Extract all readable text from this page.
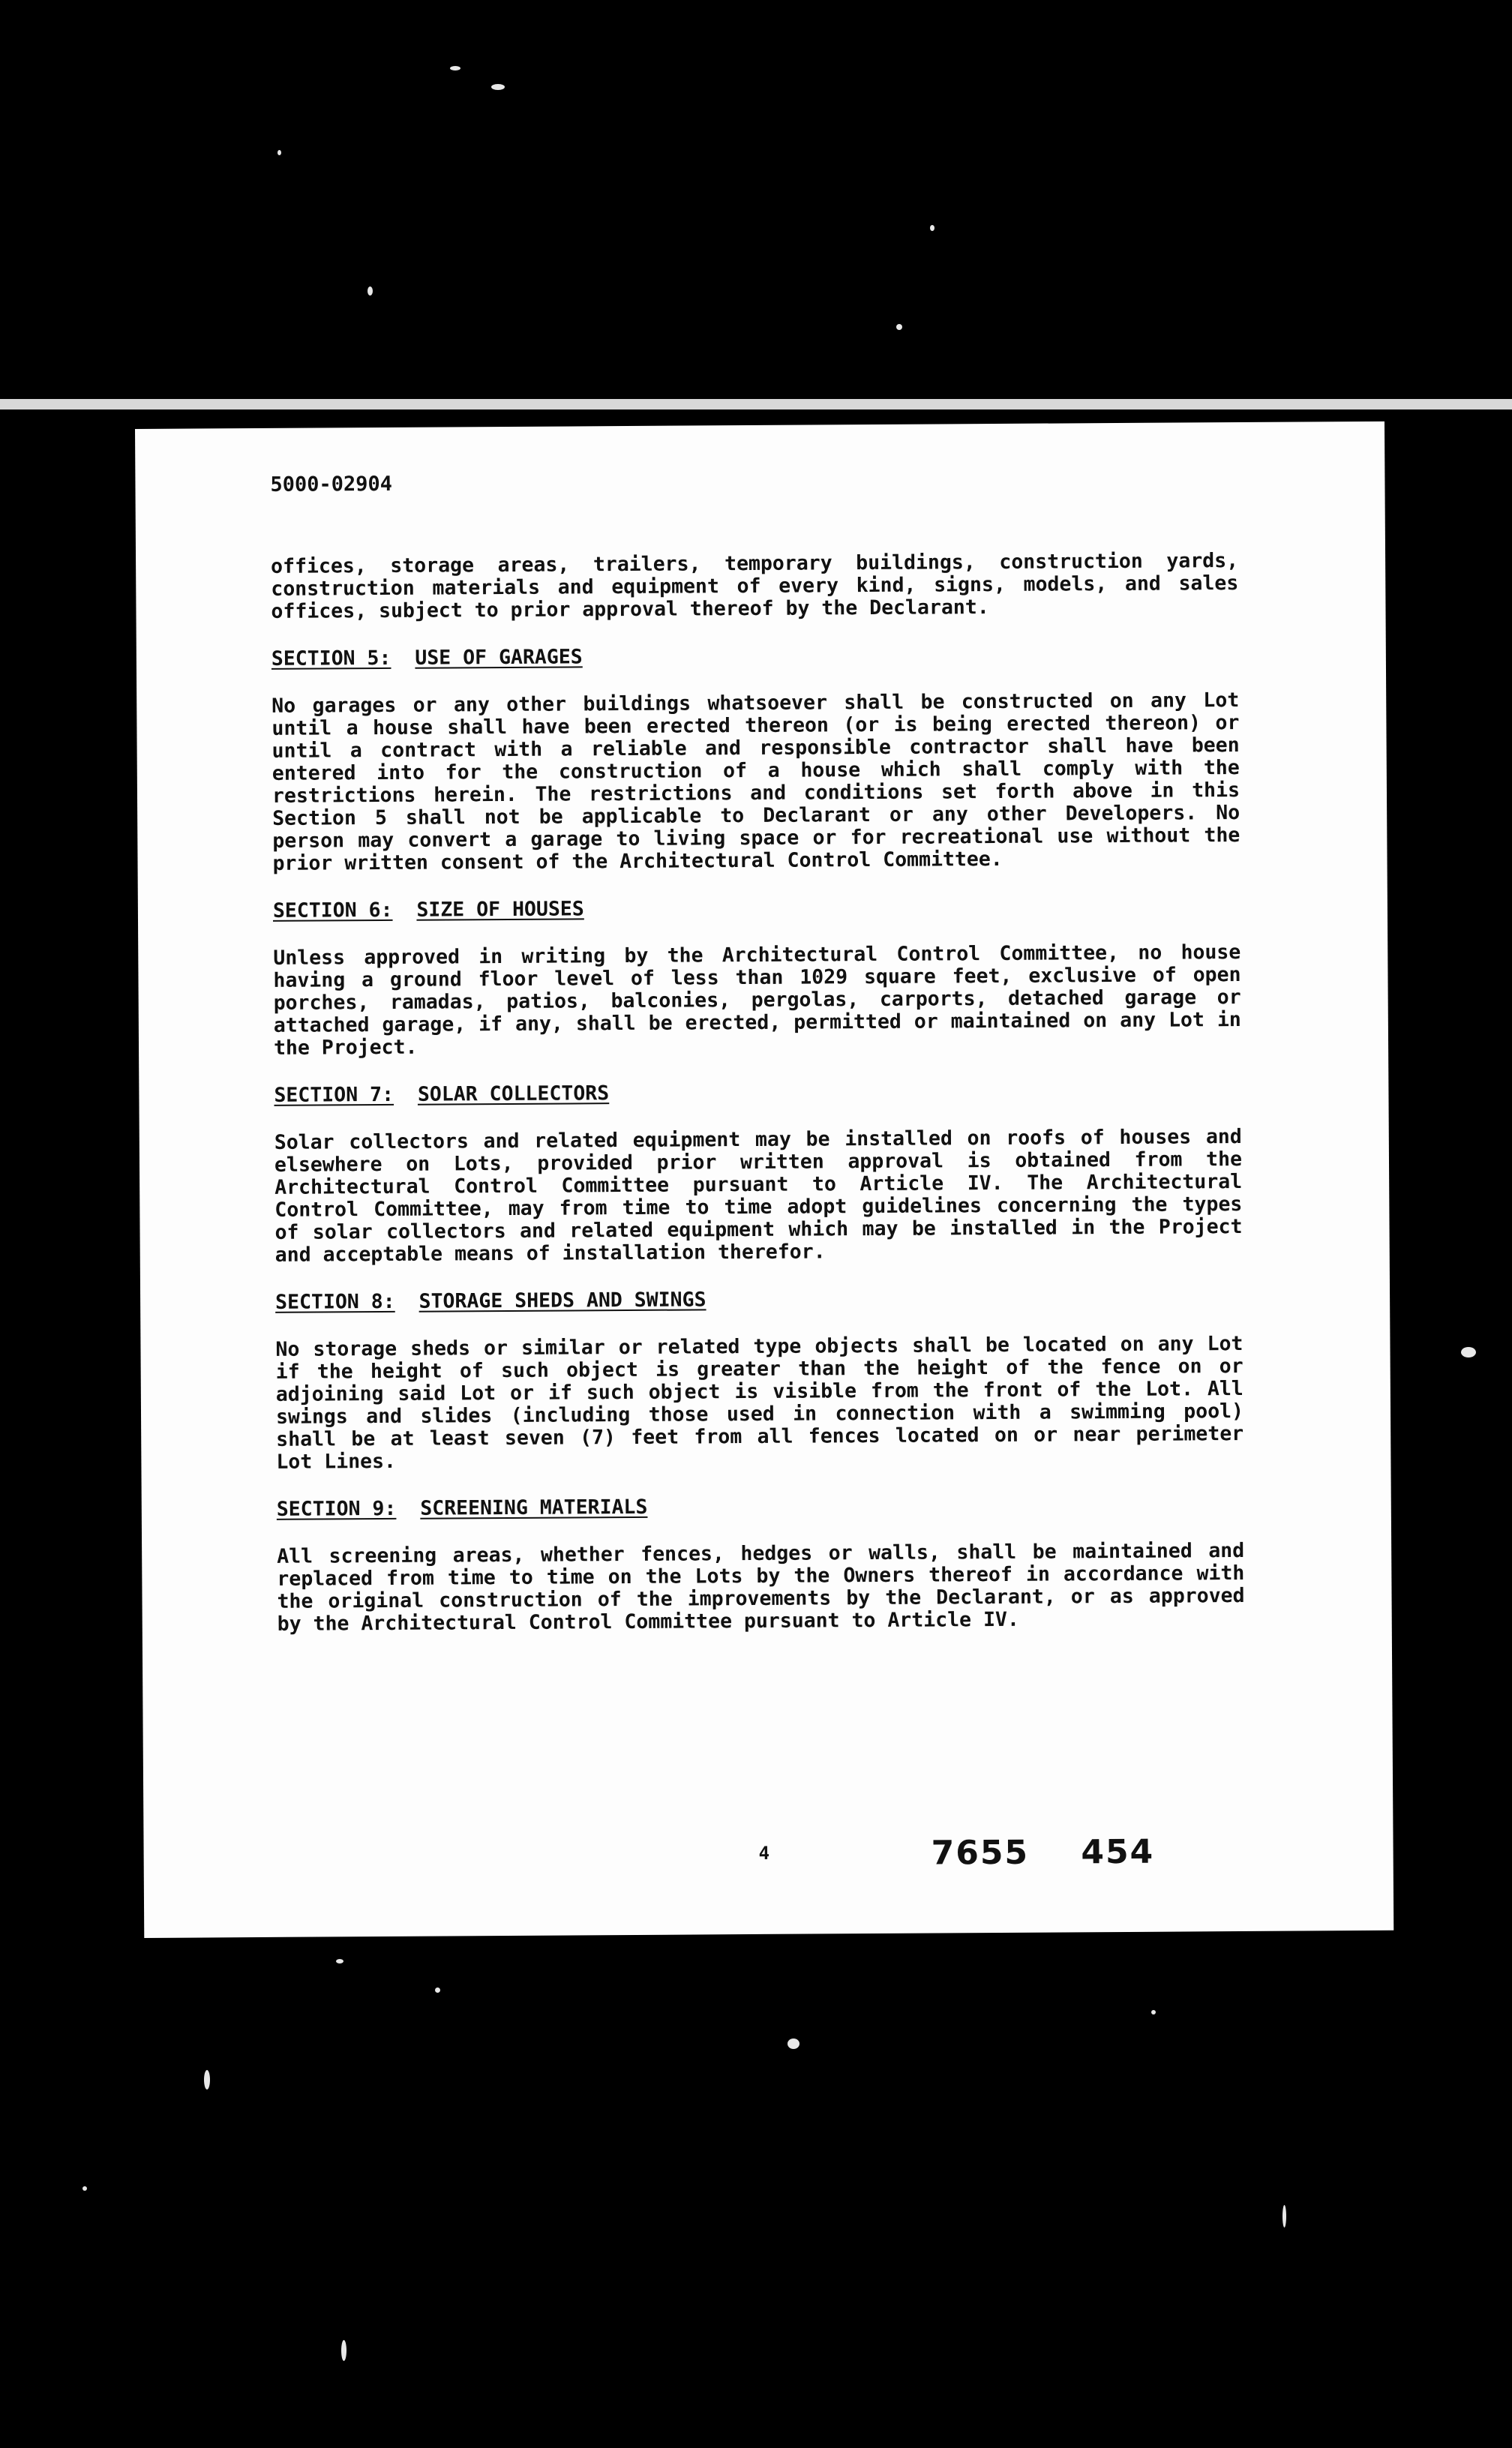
5000-02904

offices, storage areas, trailers, temporary buildings, construction yards, construction materials and equipment of every kind, signs, models, and sales offices, subject to prior approval thereof by the Declarant.

SECTION 5: USE OF GARAGES

No garages or any other buildings whatsoever shall be constructed on any Lot until a house shall have been erected thereon (or is being erected thereon) or until a contract with a reliable and responsible contractor shall have been entered into for the construction of a house which shall comply with the restrictions herein. The restrictions and conditions set forth above in this Section 5 shall not be applicable to Declarant or any other Developers. No person may convert a garage to living space or for recreational use without the prior written consent of the Architectural Control Committee.

SECTION 6: SIZE OF HOUSES

Unless approved in writing by the Architectural Control Committee, no house having a ground floor level of less than 1029 square feet, exclusive of open porches, ramadas, patios, balconies, pergolas, carports, detached garage or attached garage, if any, shall be erected, permitted or maintained on any Lot in the Project.

SECTION 7: SOLAR COLLECTORS

Solar collectors and related equipment may be installed on roofs of houses and elsewhere on Lots, provided prior written approval is obtained from the Architectural Control Committee pursuant to Article IV. The Architectural Control Committee, may from time to time adopt guidelines concerning the types of solar collectors and related equipment which may be installed in the Project and acceptable means of installation therefor.

SECTION 8: STORAGE SHEDS AND SWINGS

No storage sheds or similar or related type objects shall be located on any Lot if the height of such object is greater than the height of the fence on or adjoining said Lot or if such object is visible from the front of the Lot. All swings and slides (including those used in connection with a swimming pool) shall be at least seven (7) feet from all fences located on or near perimeter Lot Lines.

SECTION 9: SCREENING MATERIALS

All screening areas, whether fences, hedges or walls, shall be maintained and replaced from time to time on the Lots by the Owners thereof in accordance with the original construction of the improvements by the Declarant, or as approved by the Architectural Control Committee pursuant to Article IV.

4	7655 454
